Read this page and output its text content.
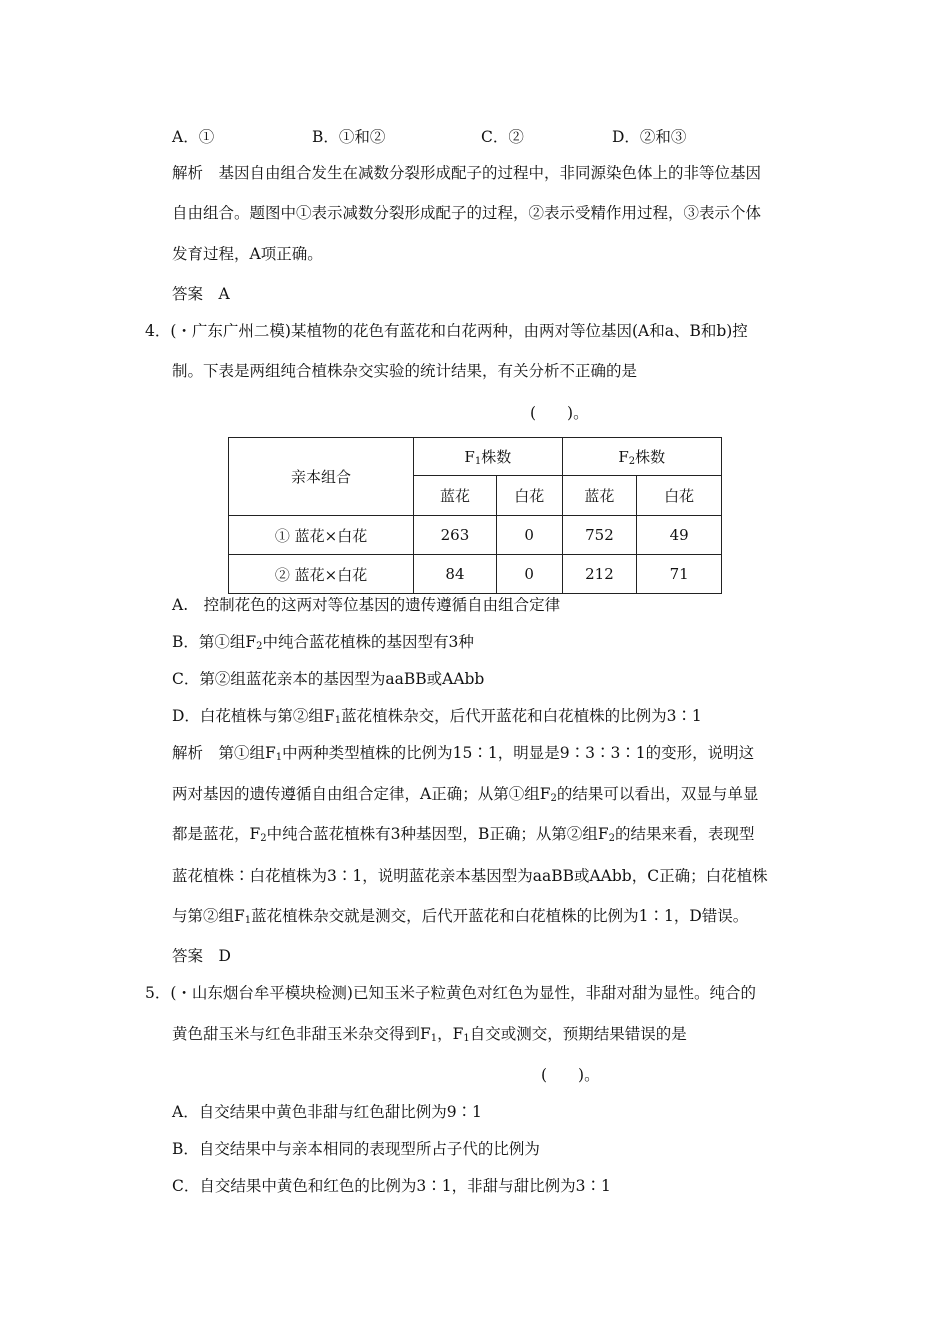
A．①	B．①和②	C．②	D．②和③
解析　基因自由组合发生在减数分裂形成配子的过程中，非同源染色体上的非等位基因
自由组合。题图中①表示减数分裂形成配子的过程，②表示受精作用过程，③表示个体
发育过程，A项正确。
答案　A
4．(・广东广州二模)某植物的花色有蓝花和白花两种，由两对等位基因(A和a、B和b)控
制。下表是两组纯合植株杂交实验的统计结果，有关分析不正确的是
(　　)。
亲本组合	$F_1$株数		$F_2$株数	
	蓝花	白花	蓝花	白花
① 蓝花×白花	263	0	752	49
② 蓝花×白花	84	0	212	71
A.　控制花色的这两对等位基因的遗传遵循自由组合定律
B．第①组$F_2$中纯合蓝花植株的基因型有3种
C．第②组蓝花亲本的基因型为aaBB或AAbb
D．白花植株与第②组$F_1$蓝花植株杂交，后代开蓝花和白花植株的比例为3∶1
解析　第①组$F_1$中两种类型植株的比例为15∶1，明显是9∶3∶3∶1的变形，说明这
两对基因的遗传遵循自由组合定律，A正确；从第①组$F_2$的结果可以看出，双显与单显
都是蓝花，$F_2$中纯合蓝花植株有3种基因型，B正确；从第②组$F_2$的结果来看，表现型
蓝花植株∶白花植株为3∶1，说明蓝花亲本基因型为aaBB或AAbb，C正确；白花植株
与第②组$F_1$蓝花植株杂交就是测交，后代开蓝花和白花植株的比例为1∶1，D错误。
答案　D
5．(・山东烟台牟平模块检测)已知玉米子粒黄色对红色为显性，非甜对甜为显性。纯合的
黄色甜玉米与红色非甜玉米杂交得到$F_1$，$F_1$自交或测交，预期结果错误的是
(　　)。
A．自交结果中黄色非甜与红色甜比例为9∶1
B．自交结果中与亲本相同的表现型所占子代的比例为
C．自交结果中黄色和红色的比例为3∶1，非甜与甜比例为3∶1
